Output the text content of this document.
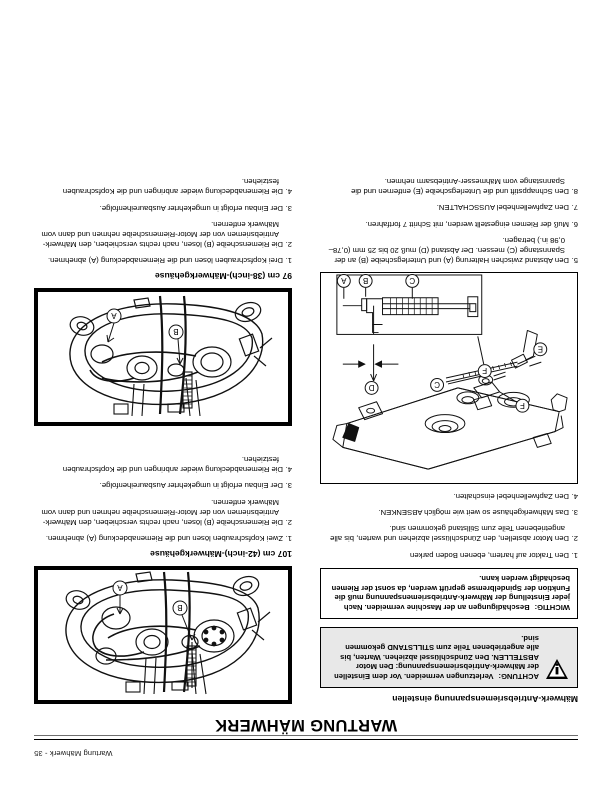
Wartung Mähwerk - 35
WARTUNG MÄHWERK
Mähwerk-Antriebsriemenspannung einstellen
ACHTUNG:Verletzungen vermeiden. Vor dem Einstellen der Mähwerk-Antriebsriemenspannung: Den Motor ABSTELLEN. Den Zündschlüssel abziehen. Warten, bis alle angetriebenen Teile zum STILLSTAND gekommen sind.
WICHTIG:Beschädigungen an der Maschine vermeiden. Nach jeder Einstellung der Mähwerk-Antriebsriemenspannung muß die Funktion der Spindelbremse geprüft werden, da sonst der Riemen beschädigt werden kann.

1.Den Traktor auf hartem, ebenen Boden parken

2.Den Motor abstellen, den Zündschlüssel abziehen und warten, bis alle angetriebenen Teile zum Stillstand gekommen sind.

3.Das Mähwerkgehäuse so weit wie möglich ABSENKEN.

4.Den Zapfwellenhebel einschalten.

F
C
E
D
F
C
B
A

5.Den Abstand zwischen Halterung (A) und Unterlegscheibe (B) an der Spannstange (C) messen. Der Abstand (D) muß 20 bis 25 mm (0,78–0,98 in.) betragen.

6.Muß der Riemen eingestellt werden, mit Schritt 7 fortfahren.

7.Den Zapfwellenhebel AUSSCHALTEN.

8.Den Schnappstift und die Unterlegscheibe (E) entfernen und die Spannstange vom Mähmesser-Antriebsarm nehmen.

B
A
107 cm (42-inch)-Mähwerkgehäuse

1.Zwei Kopfschrauben lösen und die Riemenabdeckung (A) abnehmen.

2.Die Riemenscheibe (B) lösen, nach rechts verschieben, den Mähwerk-Antriebsriemen von der Motor-Riemenscheibe nehmen und dann vom Mähwerk entfernen.

3.Der Einbau erfolgt in umgekehrter Ausbaureihenfolge.

4.Die Riemenabdeckung wieder anbringen und die Kopfschrauben festziehen.

B
A
97 cm (38-inch)-Mähwerkgehäuse

1.Drei Kopfschrauben lösen und die Riemenabdeckung (A) abnehmen.

2.Die Riemenscheibe (B) lösen, nach rechts verschieben, den Mähwerk-Antriebsriemen von der Motor-Riemenscheibe nehmen und dann vom Mähwerk entfernen.

3.Der Einbau erfolgt in umgekehrter Ausbaureihenfolge.

4.Die Riemenabdeckung wieder anbringen und die Kopfschrauben festziehen.
